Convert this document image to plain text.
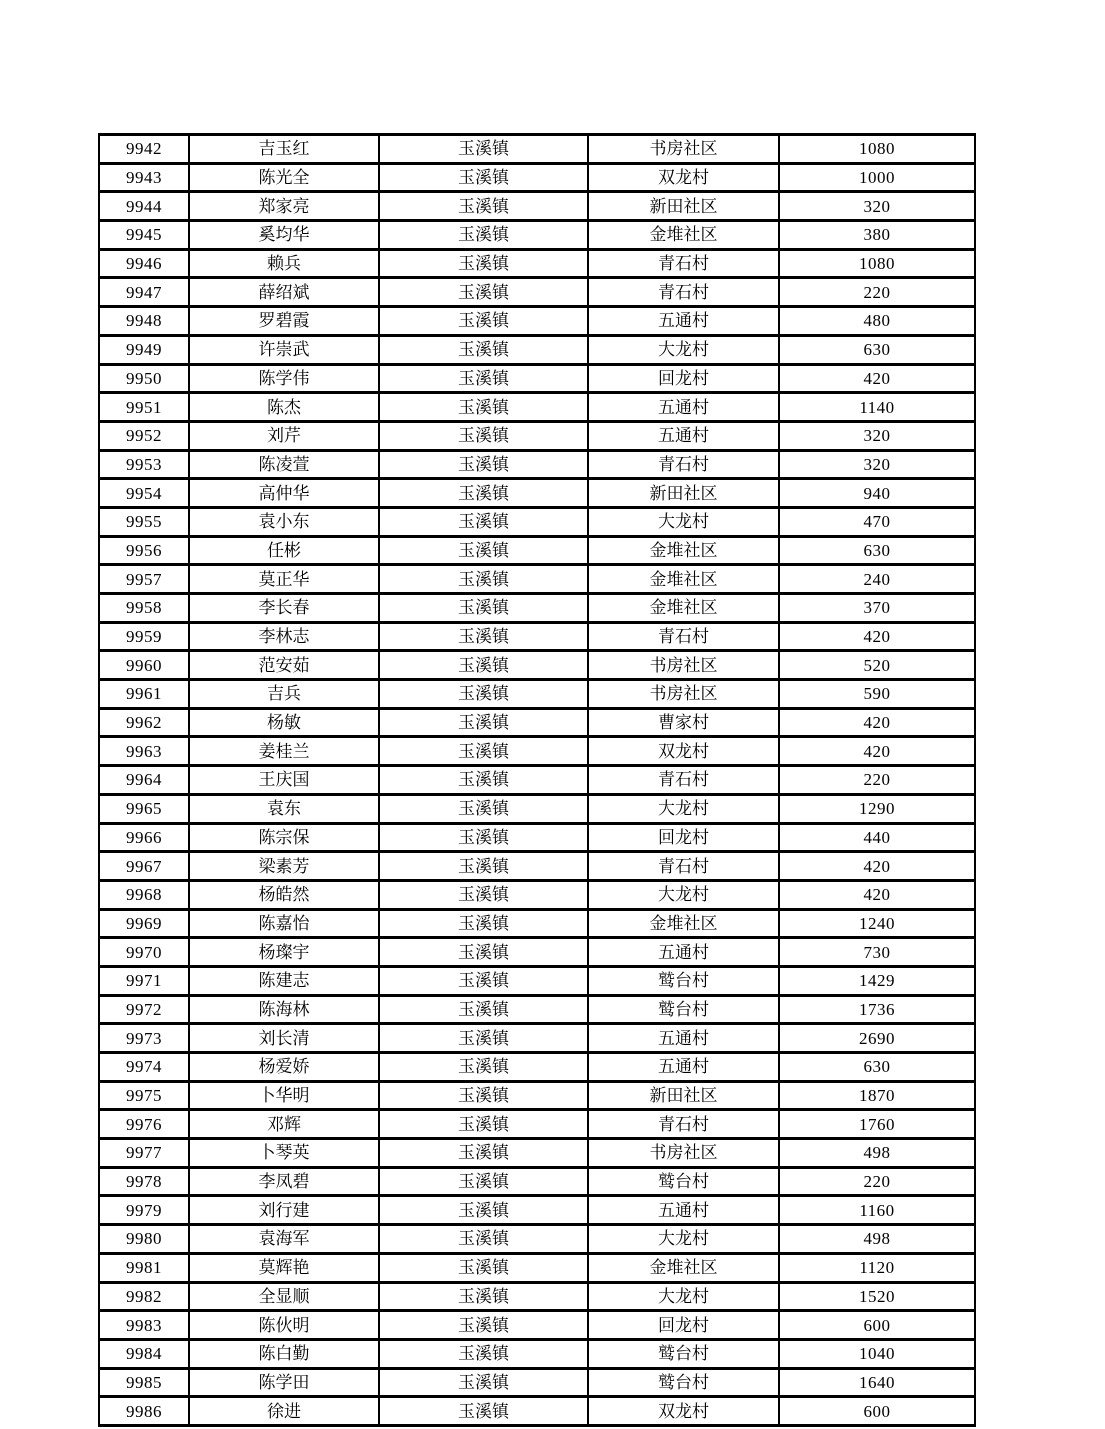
9942	吉玉红	玉溪镇	书房社区	1080
9943	陈光全	玉溪镇	双龙村	1000
9944	郑家亮	玉溪镇	新田社区	320
9945	奚均华	玉溪镇	金堆社区	380
9946	赖兵	玉溪镇	青石村	1080
9947	薛绍斌	玉溪镇	青石村	220
9948	罗碧霞	玉溪镇	五通村	480
9949	许崇武	玉溪镇	大龙村	630
9950	陈学伟	玉溪镇	回龙村	420
9951	陈杰	玉溪镇	五通村	1140
9952	刘芹	玉溪镇	五通村	320
9953	陈凌萱	玉溪镇	青石村	320
9954	高仲华	玉溪镇	新田社区	940
9955	袁小东	玉溪镇	大龙村	470
9956	任彬	玉溪镇	金堆社区	630
9957	莫正华	玉溪镇	金堆社区	240
9958	李长春	玉溪镇	金堆社区	370
9959	李林志	玉溪镇	青石村	420
9960	范安茹	玉溪镇	书房社区	520
9961	吉兵	玉溪镇	书房社区	590
9962	杨敏	玉溪镇	曹家村	420
9963	姜桂兰	玉溪镇	双龙村	420
9964	王庆国	玉溪镇	青石村	220
9965	袁东	玉溪镇	大龙村	1290
9966	陈宗保	玉溪镇	回龙村	440
9967	梁素芳	玉溪镇	青石村	420
9968	杨皓然	玉溪镇	大龙村	420
9969	陈嘉怡	玉溪镇	金堆社区	1240
9970	杨璨宇	玉溪镇	五通村	730
9971	陈建志	玉溪镇	鹫台村	1429
9972	陈海林	玉溪镇	鹫台村	1736
9973	刘长清	玉溪镇	五通村	2690
9974	杨爱娇	玉溪镇	五通村	630
9975	卜华明	玉溪镇	新田社区	1870
9976	邓辉	玉溪镇	青石村	1760
9977	卜琴英	玉溪镇	书房社区	498
9978	李凤碧	玉溪镇	鹫台村	220
9979	刘行建	玉溪镇	五通村	1160
9980	袁海军	玉溪镇	大龙村	498
9981	莫辉艳	玉溪镇	金堆社区	1120
9982	全显顺	玉溪镇	大龙村	1520
9983	陈伙明	玉溪镇	回龙村	600
9984	陈白勤	玉溪镇	鹫台村	1040
9985	陈学田	玉溪镇	鹫台村	1640
9986	徐进	玉溪镇	双龙村	600
